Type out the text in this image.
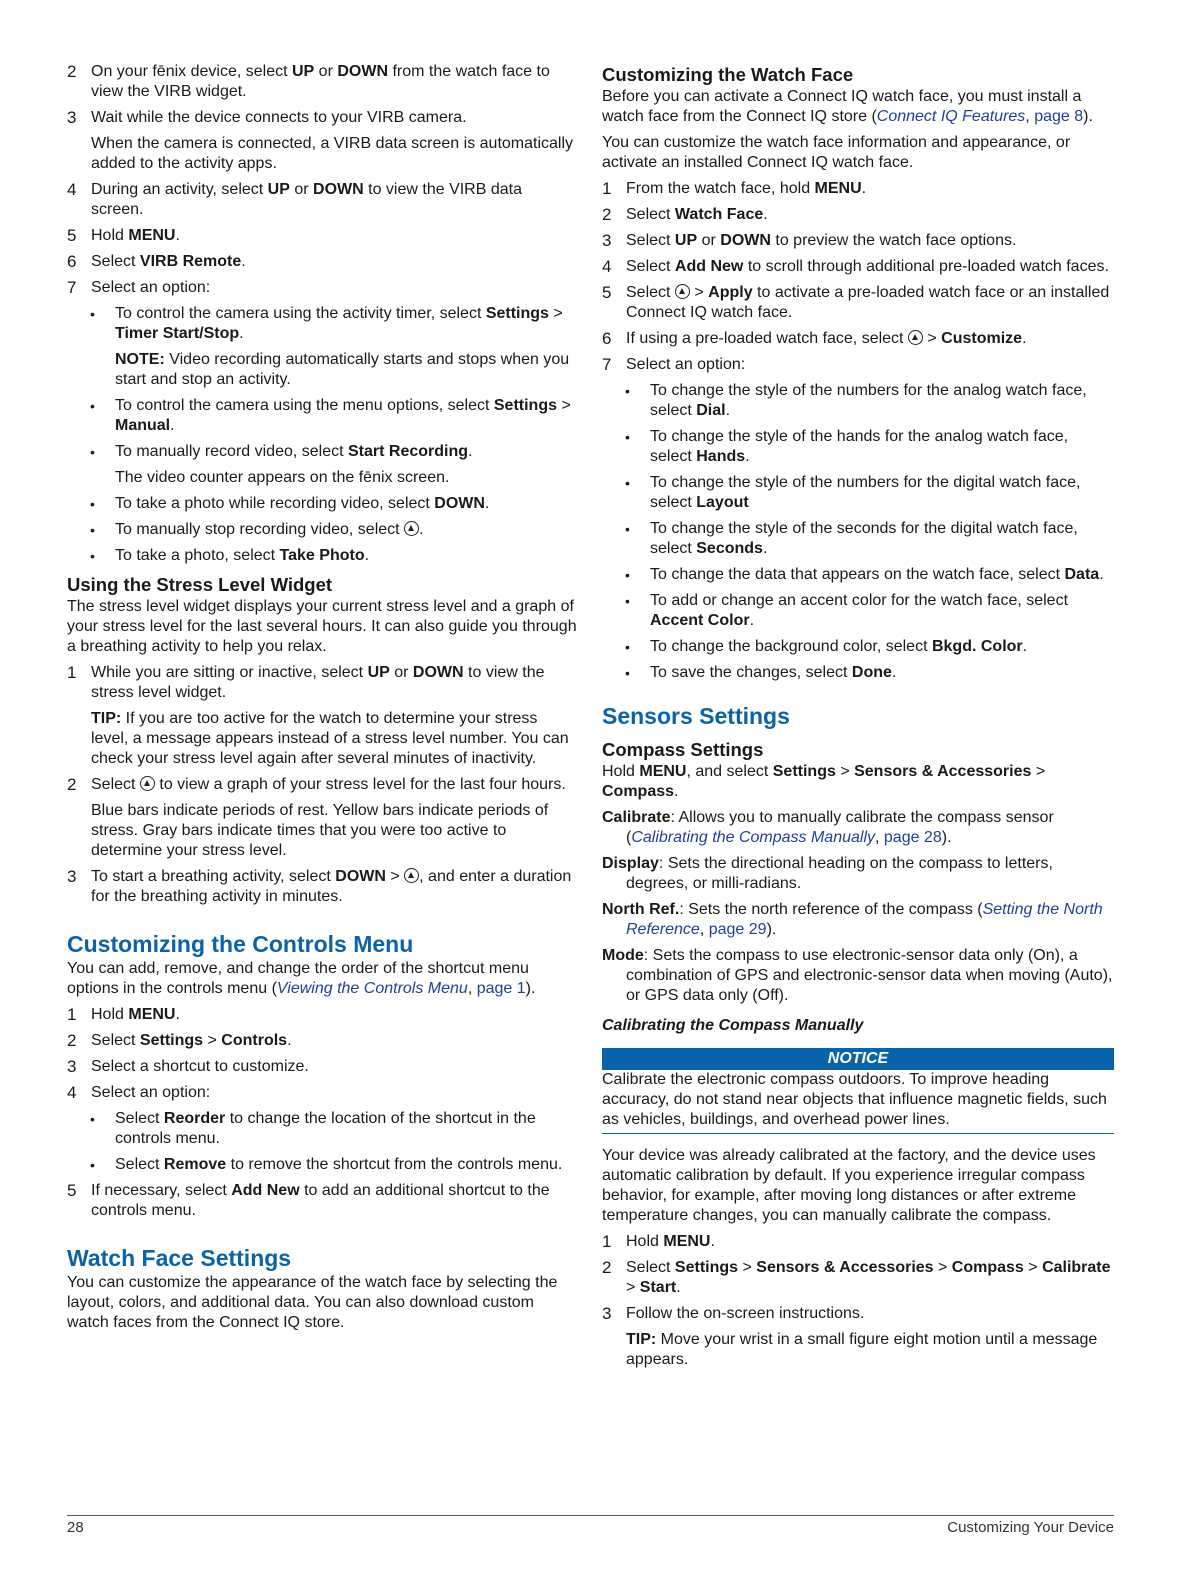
2 On your fēnix device, select UP or DOWN from the watch face to view the VIRB widget.
3 Wait while the device connects to your VIRB camera.
When the camera is connected, a VIRB data screen is automatically added to the activity apps.
4 During an activity, select UP or DOWN to view the VIRB data screen.
5 Hold MENU.
6 Select VIRB Remote.
7 Select an option:
• To control the camera using the activity timer, select Settings > Timer Start/Stop.
NOTE: Video recording automatically starts and stops when you start and stop an activity.
• To control the camera using the menu options, select Settings > Manual.
• To manually record video, select Start Recording.
The video counter appears on the fēnix screen.
• To take a photo while recording video, select DOWN.
• To manually stop recording video, select .
• To take a photo, select Take Photo.
Using the Stress Level Widget
The stress level widget displays your current stress level and a graph of your stress level for the last several hours. It can also guide you through a breathing activity to help you relax.
1 While you are sitting or inactive, select UP or DOWN to view the stress level widget.
TIP: If you are too active for the watch to determine your stress level, a message appears instead of a stress level number. You can check your stress level again after several minutes of inactivity.
2 Select  to view a graph of your stress level for the last four hours.
Blue bars indicate periods of rest. Yellow bars indicate periods of stress. Gray bars indicate times that you were too active to determine your stress level.
3 To start a breathing activity, select DOWN > , and enter a duration for the breathing activity in minutes.
Customizing the Controls Menu
You can add, remove, and change the order of the shortcut menu options in the controls menu (Viewing the Controls Menu, page 1).
1 Hold MENU.
2 Select Settings > Controls.
3 Select a shortcut to customize.
4 Select an option:
• Select Reorder to change the location of the shortcut in the controls menu.
• Select Remove to remove the shortcut from the controls menu.
5 If necessary, select Add New to add an additional shortcut to the controls menu.
Watch Face Settings
You can customize the appearance of the watch face by selecting the layout, colors, and additional data. You can also download custom watch faces from the Connect IQ store.
Customizing the Watch Face
Before you can activate a Connect IQ watch face, you must install a watch face from the Connect IQ store (Connect IQ Features, page 8).
You can customize the watch face information and appearance, or activate an installed Connect IQ watch face.
1 From the watch face, hold MENU.
2 Select Watch Face.
3 Select UP or DOWN to preview the watch face options.
4 Select Add New to scroll through additional pre-loaded watch faces.
5 Select  > Apply to activate a pre-loaded watch face or an installed Connect IQ watch face.
6 If using a pre-loaded watch face, select  > Customize.
7 Select an option:
• To change the style of the numbers for the analog watch face, select Dial.
• To change the style of the hands for the analog watch face, select Hands.
• To change the style of the numbers for the digital watch face, select Layout
• To change the style of the seconds for the digital watch face, select Seconds.
• To change the data that appears on the watch face, select Data.
• To add or change an accent color for the watch face, select Accent Color.
• To change the background color, select Bkgd. Color.
• To save the changes, select Done.
Sensors Settings
Compass Settings
Hold MENU, and select Settings > Sensors & Accessories > Compass.
Calibrate: Allows you to manually calibrate the compass sensor (Calibrating the Compass Manually, page 28).
Display: Sets the directional heading on the compass to letters, degrees, or milli-radians.
North Ref.: Sets the north reference of the compass (Setting the North Reference, page 29).
Mode: Sets the compass to use electronic-sensor data only (On), a combination of GPS and electronic-sensor data when moving (Auto), or GPS data only (Off).
Calibrating the Compass Manually
NOTICE
Calibrate the electronic compass outdoors. To improve heading accuracy, do not stand near objects that influence magnetic fields, such as vehicles, buildings, and overhead power lines.
Your device was already calibrated at the factory, and the device uses automatic calibration by default. If you experience irregular compass behavior, for example, after moving long distances or after extreme temperature changes, you can manually calibrate the compass.
1 Hold MENU.
2 Select Settings > Sensors & Accessories > Compass > Calibrate > Start.
3 Follow the on-screen instructions.
TIP: Move your wrist in a small figure eight motion until a message appears.
28	Customizing Your Device
